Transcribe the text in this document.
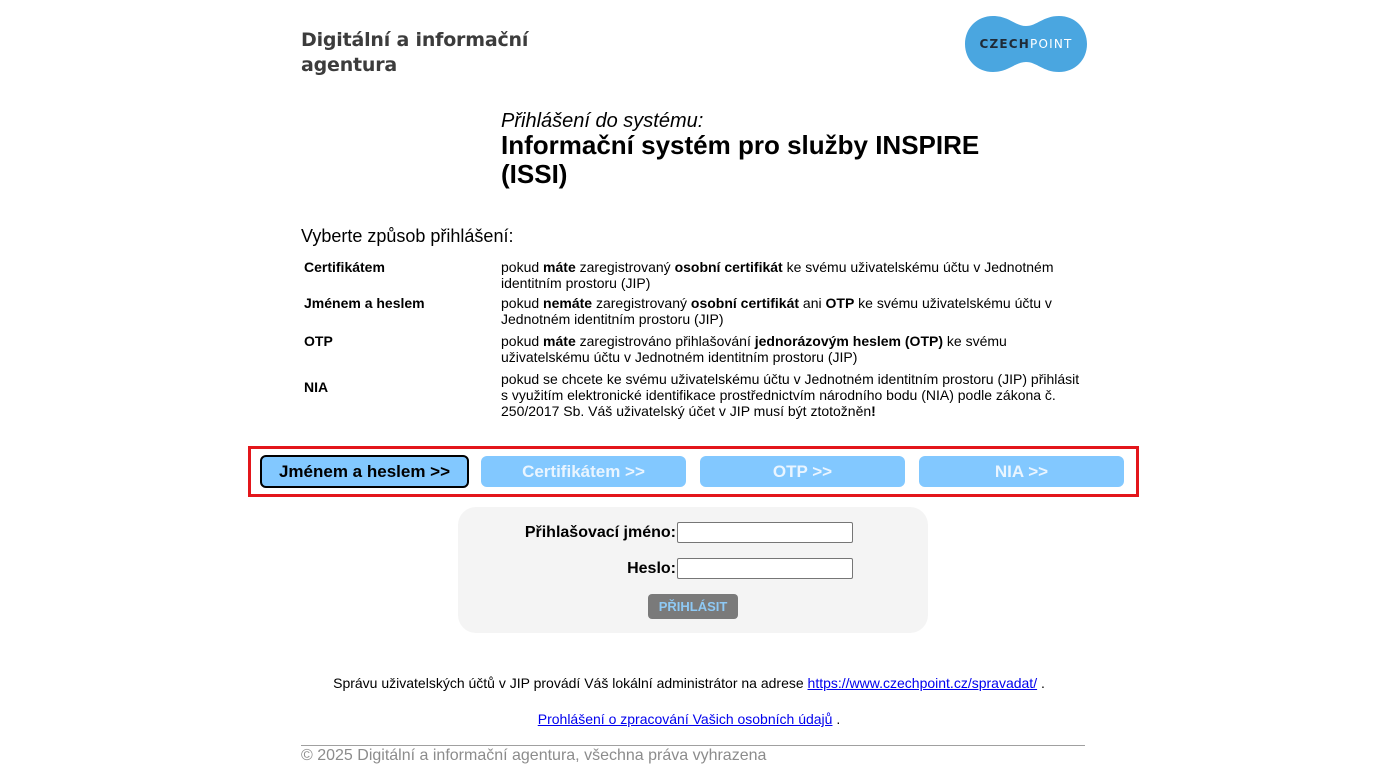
Digitální a informační
agentura
CZECH POINT
Přihlášení do systému:
Informační systém pro služby INSPIRE
(ISSI)
Vyberte způsob přihlášení:
Certifikátem	pokud máte zaregistrovaný osobní certifikát ke svému uživatelskému účtu v Jednotném identitním prostoru (JIP)
Jménem a heslem	pokud nemáte zaregistrovaný osobní certifikát ani OTP ke svému uživatelskému účtu v Jednotném identitním prostoru (JIP)
OTP	pokud máte zaregistrováno přihlašování jednorázovým heslem (OTP) ke svému uživatelskému účtu v Jednotném identitním prostoru (JIP)
NIA	pokud se chcete ke svému uživatelskému účtu v Jednotném identitním prostoru (JIP) přihlásit s využitím elektronické identifikace prostřednictvím národního bodu (NIA) podle zákona č. 250/2017 Sb. Váš uživatelský účet v JIP musí být ztotožněn!
Jménem a heslem >>	Certifikátem >>	OTP >>	NIA >>
Přihlašovací jméno:
Heslo:
PŘIHLÁSIT
Správu uživatelských účtů v JIP provádí Váš lokální administrátor na adrese https://www.czechpoint.cz/spravadat/ .
Prohlášení o zpracování Vašich osobních údajů .
© 2025 Digitální a informační agentura, všechna práva vyhrazena
